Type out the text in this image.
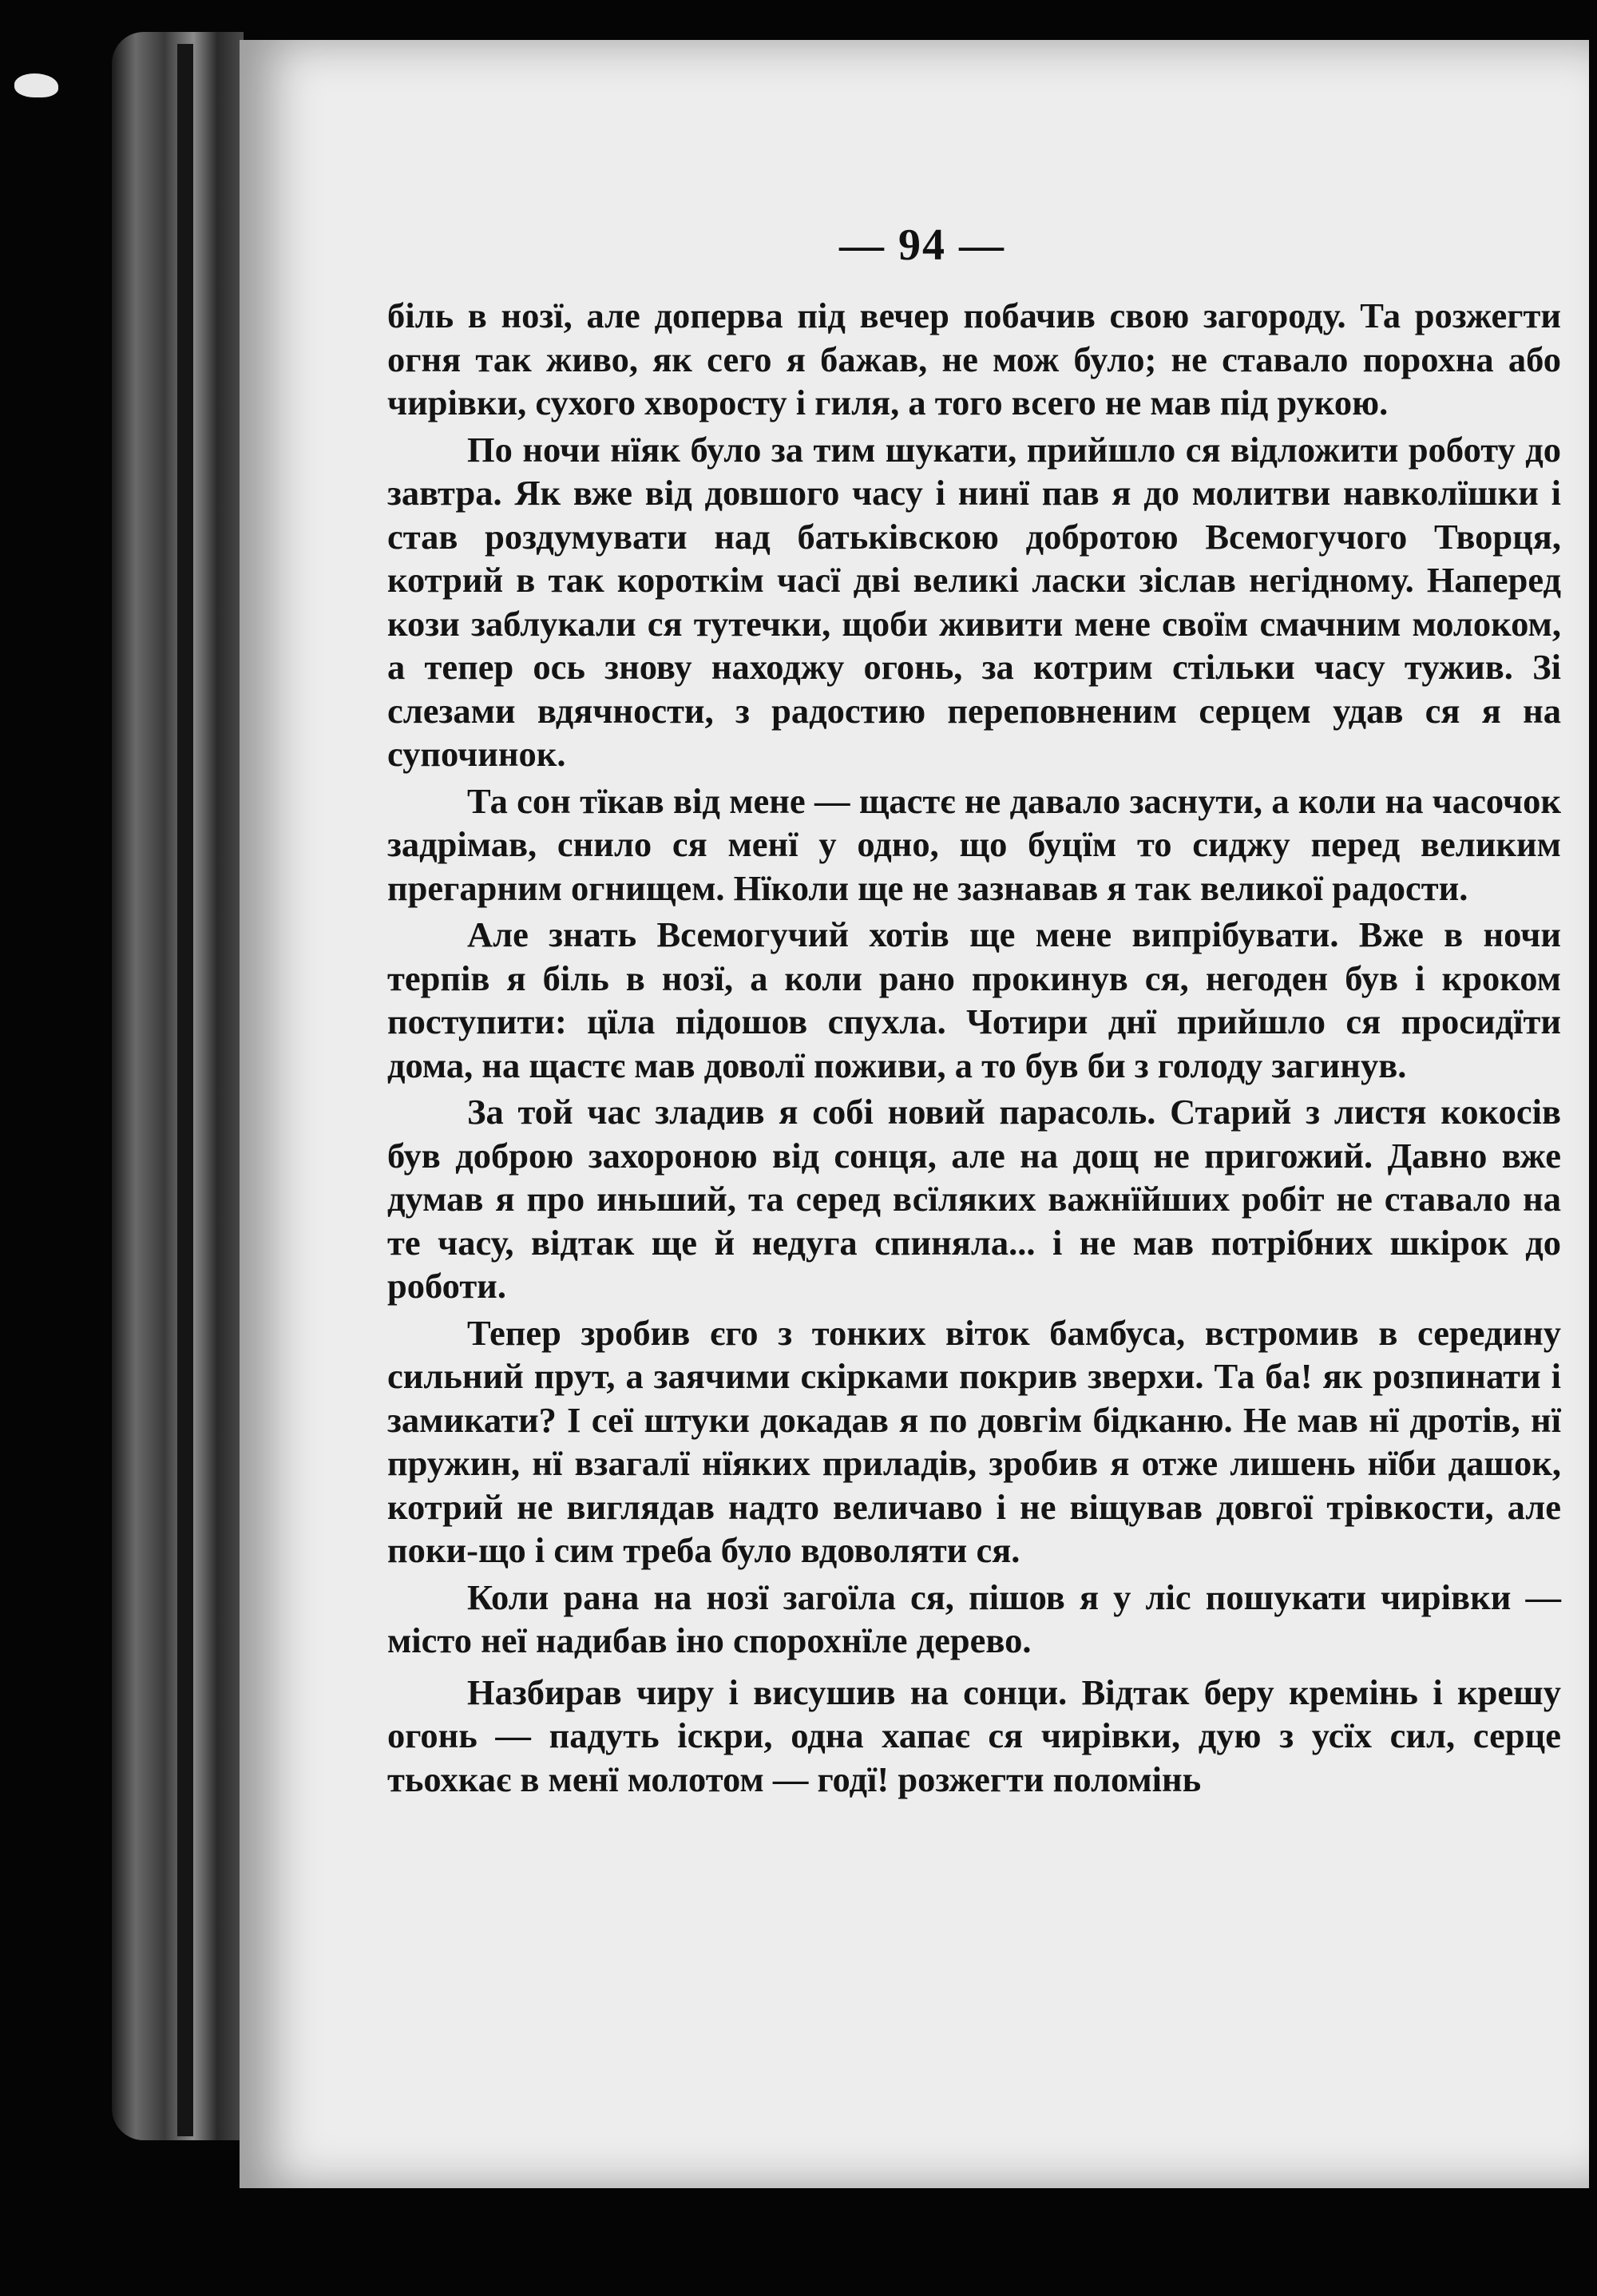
— 94 —

біль в нозї, але доперва під вечер побачив свою загороду. Та розжегти огня так живо, як сего я бажав, не мож було; не ставало порохна або чирівки, сухого хворосту і гиля, а того всего не мав під рукою.

По ночи нїяк було за тим шукати, прийшло ся відложити роботу до завтра. Як вже від довшого часу і нинї пав я до молитви навколїшки і став роздумувати над батьківскою добротою Всемогучого Творця, котрий в так короткім часї дві великі ласки зіслав негідному. Наперед кози заблукали ся тутечки, щоби живити мене своїм смачним молоком, а тепер ось знову находжу огонь, за котрим стільки часу тужив. Зі слезами вдячности, з радостию переповненим серцем удав ся я на супочинок.

Та сон тїкав від мене — щастє не давало заснути, а коли на часочок задрімав, снило ся менї у одно, що буцїм то сиджу перед великим прегарним огнищем. Нїколи ще не зазнавав я так великої радости.

Але знать Всемогучий хотів ще мене випрібувати. Вже в ночи терпів я біль в нозї, а коли рано прокинув ся, негоден був і кроком поступити: цїла підошов спухла. Чотири днї прийшло ся просидїти дома, на щастє мав доволї поживи, а то був би з голоду загинув.

За той час зладив я собі новий парасоль. Старий з листя кокосів був доброю захороною від сонця, але на дощ не пригожий. Давно вже думав я про иньший, та серед всїляких важнїйших робіт не ставало на те часу, відтак ще й недуга спиняла... і не мав потрібних шкірок до роботи.

Тепер зробив єго з тонких віток бамбуса, встромив в середину сильний прут, а заячими скірками покрив зверхи. Та ба! як розпинати і замикати? І сеї штуки докадав я по довгім бідканю. Не мав нї дротів, нї пружин, нї взагалї нїяких приладів, зробив я отже лишень нїби дашок, котрий не виглядав надто величаво і не віщував довгої трівкости, але поки-що і сим треба було вдоволяти ся.

Коли рана на нозї загоїла ся, пішов я у ліс пошукати чирівки — місто неї надибав іно спорохнїле дерево.

Назбирав чиру і висушив на сонци. Відтак беру кремінь і крешу огонь — падуть іскри, одна хапає ся чирівки, дую з усїх сил, серце тьохкає в менї молотом — годї! розжегти поломінь
